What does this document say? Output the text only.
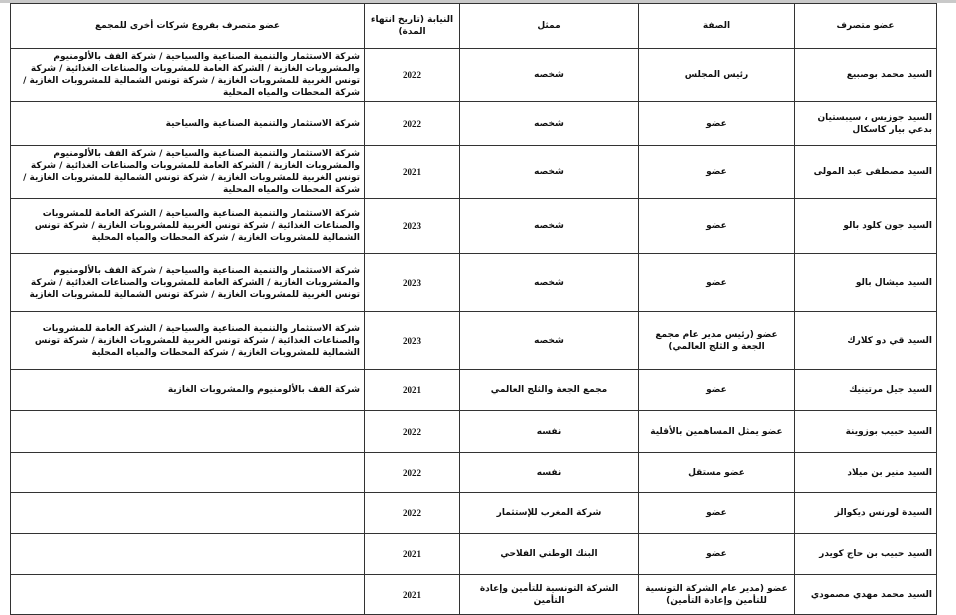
عضو متصرف	الصفة	ممثل	النيابة (تاريخ انتهاء المدة)	عضو متصرف بفروع شركات أخرى للمجمع
السيد محمد بوصبيع	رئيس المجلس	شخصه	2022	شركة الاستثمار والتنمية الصناعية والسياحية / شركة الفف بالألومنيوم والمشروبات الغازية / الشركة العامة للمشروبات والصناعات الغذائية / شركة تونس الغربية للمشروبات الغازية / شركة تونس الشمالية للمشروبات الغازية / شركة المحطات والمياه المحلية
السيد جوزيس ، سيبستيان بدعي بيار كاسكال	عضو	شخصه	2022	شركة الاستثمار والتنمية الصناعية والسياحية
السيد مصطفى عبد المولى	عضو	شخصه	2021	شركة الاستثمار والتنمية الصناعية والسياحية / شركة الفف بالألومنيوم والمشروبات الغازية / الشركة العامة للمشروبات والصناعات الغذائية / شركة تونس الغربية للمشروبات الغازية / شركة تونس الشمالية للمشروبات الغازية / شركة المحطات والمياه المحلية
السيد جون كلود بالو	عضو	شخصه	2023	شركة الاستثمار والتنمية الصناعية والسياحية / الشركة العامة للمشروبات والصناعات الغذائية / شركة تونس الغربية للمشروبات الغازية / شركة تونس الشمالية للمشروبات الغازية / شركة المحطات والمياه المحلية
السيد ميشال بالو	عضو	شخصه	2023	شركة الاستثمار والتنمية الصناعية والسياحية / شركة الفف بالألومنيوم والمشروبات الغازية / الشركة العامة للمشروبات والصناعات الغذائية / شركة تونس الغربية للمشروبات الغازية / شركة تونس الشمالية للمشروبات الغازية
السيد قي دو كلارك	عضو (رئيس مدير عام مجمع الجعة و الثلج العالمي)	شخصه	2023	شركة الاستثمار والتنمية الصناعية والسياحية / الشركة العامة للمشروبات والصناعات الغذائية / شركة تونس الغربية للمشروبات الغازية / شركة تونس الشمالية للمشروبات الغازية / شركة المحطات والمياه المحلية
السيد جيل مرتينيك	عضو	مجمع الجعة والثلج العالمي	2021	شركة الفف بالألومنيوم والمشروبات الغازية
السيد حبيب بوزوينة	عضو يمثل المساهمين بالأقلية	نفسه	2022	
السيد منير بن ميلاد	عضو مستقل	نفسه	2022	
السيدة لورنس ديكوالز	عضو	شركة المغرب للإستثمار	2022	
السيد حبيب بن حاج كويدر	عضو	البنك الوطني الفلاحي	2021	
السيد محمد مهدي مصمودي	عضو (مدير عام الشركة التونسية للتأمين وإعادة التأمين)	الشركة التونسية للتأمين وإعادة التأمين	2021	
